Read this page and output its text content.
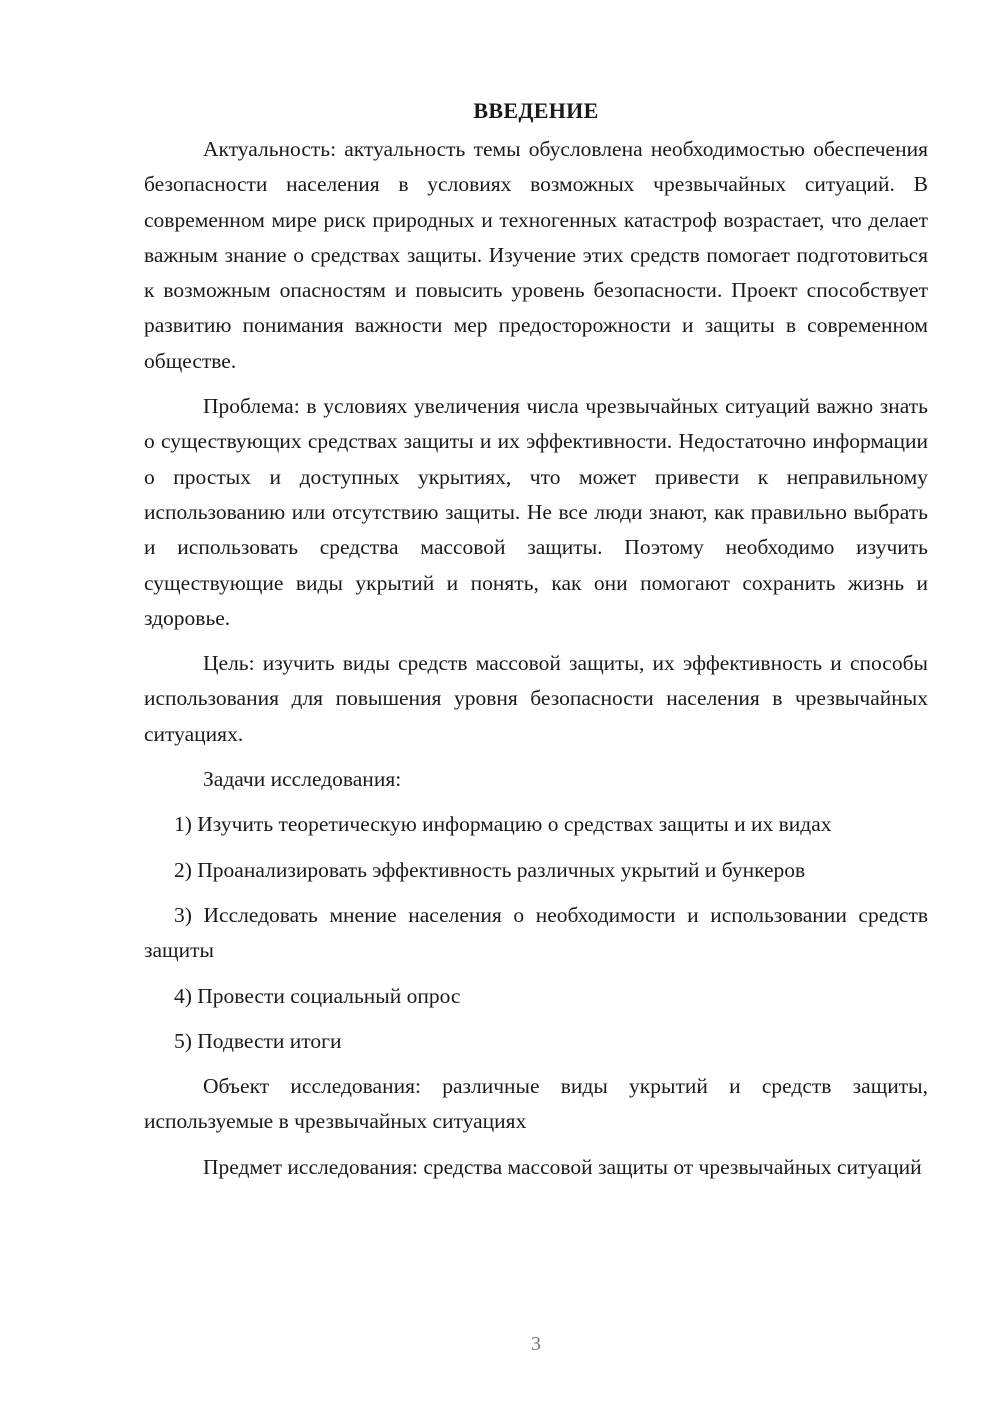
ВВЕДЕНИЕ

Актуальность: актуальность темы обусловлена необходимостью обеспечения безопасности населения в условиях возможных чрезвычайных ситуаций. В современном мире риск природных и техногенных катастроф возрастает, что делает важным знание о средствах защиты. Изучение этих средств помогает подготовиться к возможным опасностям и повысить уровень безопасности. Проект способствует развитию понимания важности мер предосторожности и защиты в современном обществе.

Проблема: в условиях увеличения числа чрезвычайных ситуаций важно знать о существующих средствах защиты и их эффективности. Недостаточно информации о простых и доступных укрытиях, что может привести к неправильному использованию или отсутствию защиты. Не все люди знают, как правильно выбрать и использовать средства массовой защиты. Поэтому необходимо изучить существующие виды укрытий и понять, как они помогают сохранить жизнь и здоровье.

Цель: изучить виды средств массовой защиты, их эффективность и способы использования для повышения уровня безопасности населения в чрезвычайных ситуациях.

Задачи исследования:

1) Изучить теоретическую информацию о средствах защиты и их видах

2) Проанализировать эффективность различных укрытий и бункеров

3) Исследовать мнение населения о необходимости и использовании средств защиты

4) Провести социальный опрос

5) Подвести итоги

Объект исследования: различные виды укрытий и средств защиты, используемые в чрезвычайных ситуациях

Предмет исследования: средства массовой защиты от чрезвычайных ситуаций

3
